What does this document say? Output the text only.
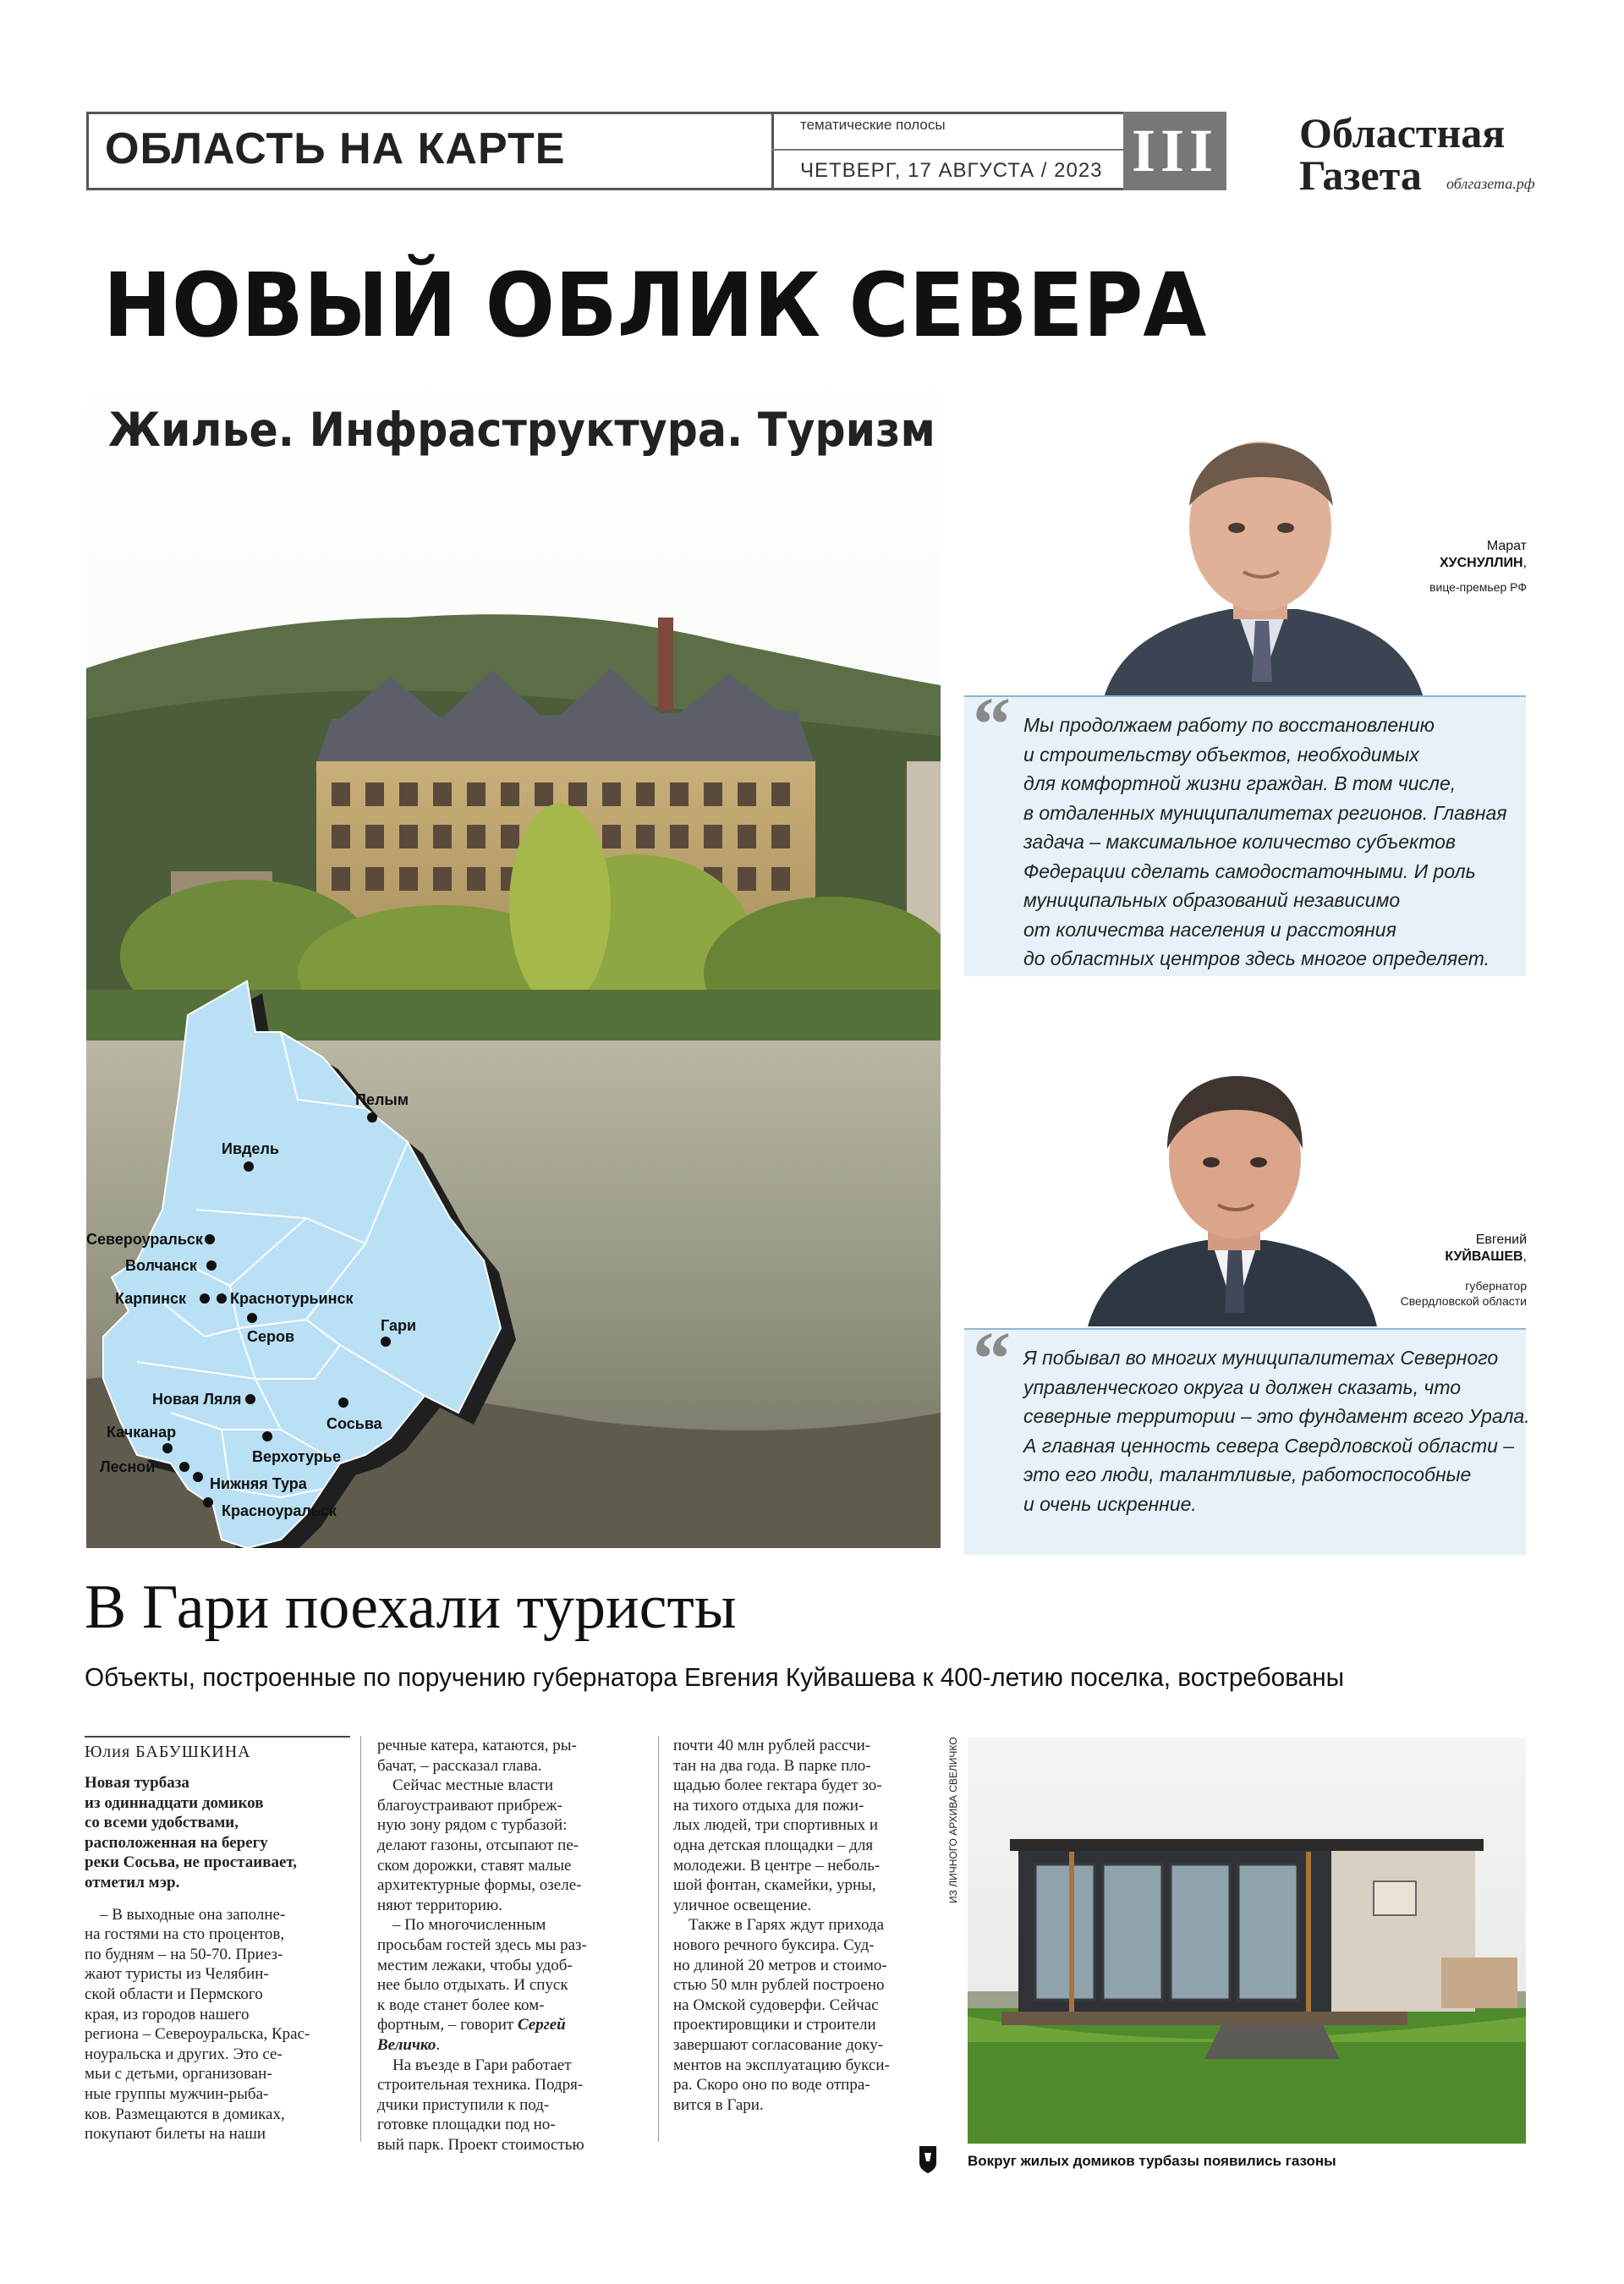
ОБЛАСТЬ НА КАРТЕ	тематические полосы
ЧЕТВЕРГ, 17 АВГУСТА / 2023 III Областная
Газета облгазета.рф
Пелым
Ивдель
Североуральск
Волчанск
Карпинск	Краснотурьинск
Серов
Гари
Новая Ляля
Сосьва
Качканар
Верхотурье
Лесной
Нижняя Тура
Красноуральск
НОВЫЙ ОБЛИК СЕВЕРА
Жилье. Инфраструктура. Туризм
Марат
ХУСНУЛЛИН,
вице-премьер РФ
“ Мы продолжаем работу по восстановлению
и строительству объектов, необходимых
для комфортной жизни граждан. В том числе,
в отдаленных муниципалитетах регионов. Главная
задача – максимальное количество субъектов
Федерации сделать самодостаточными. И роль
муниципальных образований независимо
от количества населения и расстояния
до областных центров здесь многое определяет.
Евгений
КУЙВАШЕВ,
губернатор
Свердловской области
“ Я побывал во многих муниципалитетах Северного
управленческого округа и должен сказать, что
северные территории – это фундамент всего Урала.
А главная ценность севера Свердловской области –
это его люди, талантливые, работоспособные
и очень искренние.
В Гари поехали туристы
Объекты, построенные по поручению губернатора Евгения Куйвашева к 400-летию поселка, востребованы
Юлия БАБУШКИНА
Новая турбаза
из одиннадцати домиков
со всеми удобствами,
расположенная на берегу
реки Сосьва, не простаивает,
отметил мэр.
– В выходные она заполне-
на гостями на сто процентов,
по будням – на 50-70. Приез-
жают туристы из Челябин-
ской области и Пермского
края, из городов нашего
региона – Североуральска, Крас-
ноуральска и других. Это се-
мьи с детьми, организован-
ные группы мужчин-рыба-
ков. Размещаются в домиках,
покупают билеты на наши
речные катера, катаются, ры-
бачат, – рассказал глава.
Сейчас местные власти
благоустраивают прибреж-
ную зону рядом с турбазой:
делают газоны, отсыпают пе-
ском дорожки, ставят малые
архитектурные формы, озеле-
няют территорию.
– По многочисленным
просьбам гостей здесь мы раз-
местим лежаки, чтобы удоб-
нее было отдыхать. И спуск
к воде станет более ком-
фортным, – говорит Сергей
Величко.
На въезде в Гари работает
строительная техника. Подря-
дчики приступили к под-
готовке площадки под но-
вый парк. Проект стоимостью
почти 40 млн рублей рассчи-
тан на два года. В парке пло-
щадью более гектара будет зо-
на тихого отдыха для пожи-
лых людей, три спортивных и
одна детская площадки – для
молодежи. В центре – неболь-
шой фонтан, скамейки, урны,
уличное освещение.
Также в Гарях ждут прихода
нового речного буксира. Суд-
но длиной 20 метров и стоимо-
стью 50 млн рублей построено
на Омской судоверфи. Сейчас
проектировщики и строители
завершают согласование доку-
ментов на эксплуатацию букси-
ра. Скоро оно по воде отпра-
вится в Гари.
ИЗ ЛИЧНОГО АРХИВА СВЕЛИЧКО
Вокруг жилых домиков турбазы появились газоны
